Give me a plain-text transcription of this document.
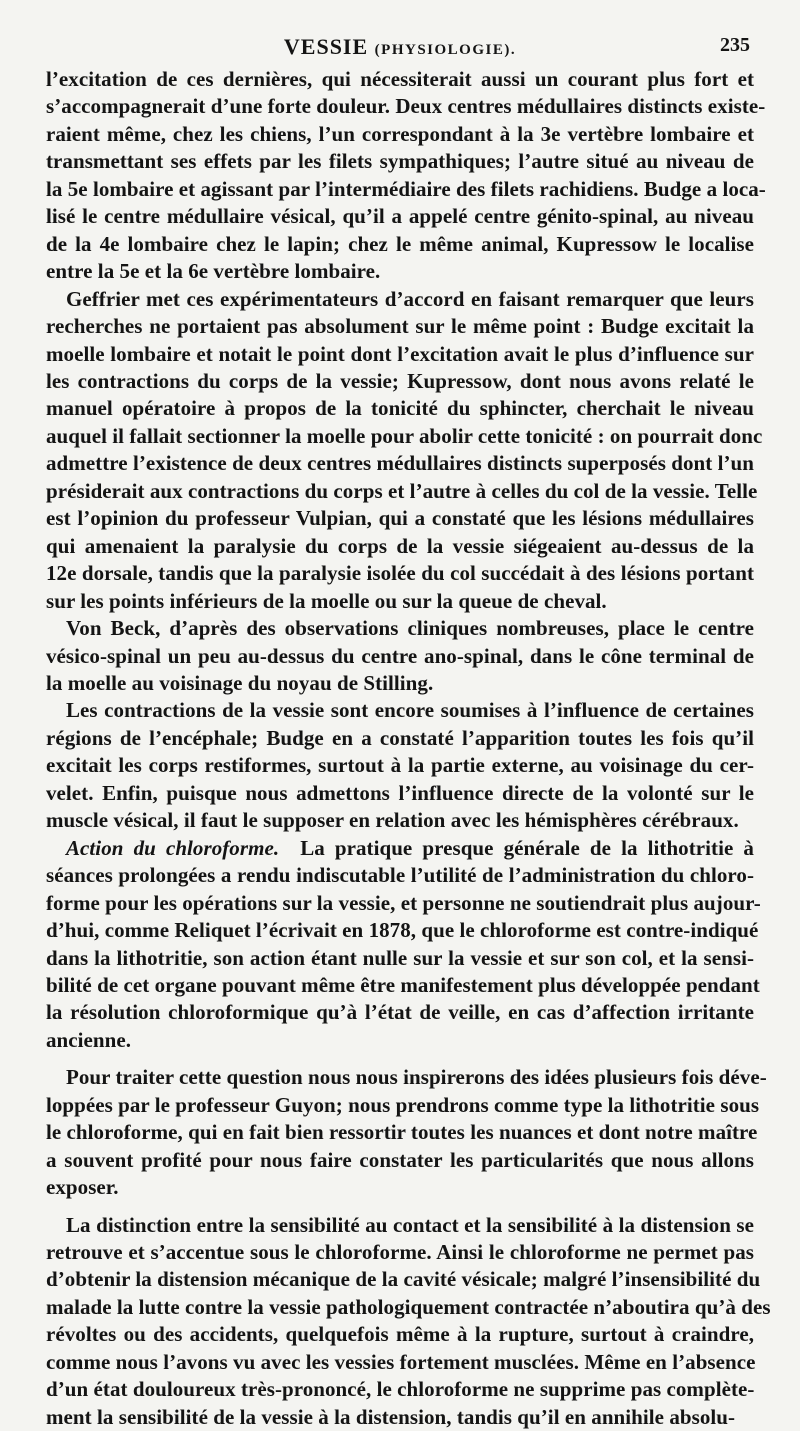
VESSIE (PHYSIOLOGIE).	235
l’excitation de ces dernières, qui nécessiterait aussi un courant plus fort et
s’accompagnerait d’une forte douleur. Deux centres médullaires distincts existe-
raient même, chez les chiens, l’un correspondant à la 3e vertèbre lombaire et
transmettant ses effets par les filets sympathiques; l’autre situé au niveau de
la 5e lombaire et agissant par l’intermédiaire des filets rachidiens. Budge a loca-
lisé le centre médullaire vésical, qu’il a appelé centre génito-spinal, au niveau
de la 4e lombaire chez le lapin; chez le même animal, Kupressow le localise
entre la 5e et la 6e vertèbre lombaire.
Geffrier met ces expérimentateurs d’accord en faisant remarquer que leurs
recherches ne portaient pas absolument sur le même point : Budge excitait la
moelle lombaire et notait le point dont l’excitation avait le plus d’influence sur
les contractions du corps de la vessie; Kupressow, dont nous avons relaté le
manuel opératoire à propos de la tonicité du sphincter, cherchait le niveau
auquel il fallait sectionner la moelle pour abolir cette tonicité : on pourrait donc
admettre l’existence de deux centres médullaires distincts superposés dont l’un
présiderait aux contractions du corps et l’autre à celles du col de la vessie. Telle
est l’opinion du professeur Vulpian, qui a constaté que les lésions médullaires
qui amenaient la paralysie du corps de la vessie siégeaient au-dessus de la
12e dorsale, tandis que la paralysie isolée du col succédait à des lésions portant
sur les points inférieurs de la moelle ou sur la queue de cheval.
Von Beck, d’après des observations cliniques nombreuses, place le centre
vésico-spinal un peu au-dessus du centre ano-spinal, dans le cône terminal de
la moelle au voisinage du noyau de Stilling.
Les contractions de la vessie sont encore soumises à l’influence de certaines
régions de l’encéphale; Budge en a constaté l’apparition toutes les fois qu’il
excitait les corps restiformes, surtout à la partie externe, au voisinage du cer-
velet. Enfin, puisque nous admettons l’influence directe de la volonté sur le
muscle vésical, il faut le supposer en relation avec les hémisphères cérébraux.
Action du chloroforme.  La pratique presque générale de la lithotritie à
séances prolongées a rendu indiscutable l’utilité de l’administration du chloro-
forme pour les opérations sur la vessie, et personne ne soutiendrait plus aujour-
d’hui, comme Reliquet l’écrivait en 1878, que le chloroforme est contre-indiqué
dans la lithotritie, son action étant nulle sur la vessie et sur son col, et la sensi-
bilité de cet organe pouvant même être manifestement plus développée pendant
la résolution chloroformique qu’à l’état de veille, en cas d’affection irritante
ancienne.
Pour traiter cette question nous nous inspirerons des idées plusieurs fois déve-
loppées par le professeur Guyon; nous prendrons comme type la lithotritie sous
le chloroforme, qui en fait bien ressortir toutes les nuances et dont notre maître
a souvent profité pour nous faire constater les particularités que nous allons
exposer.
La distinction entre la sensibilité au contact et la sensibilité à la distension se
retrouve et s’accentue sous le chloroforme. Ainsi le chloroforme ne permet pas
d’obtenir la distension mécanique de la cavité vésicale; malgré l’insensibilité du
malade la lutte contre la vessie pathologiquement contractée n’aboutira qu’à des
révoltes ou des accidents, quelquefois même à la rupture, surtout à craindre,
comme nous l’avons vu avec les vessies fortement musclées. Même en l’absence
d’un état douloureux très-prononcé, le chloroforme ne supprime pas complète-
ment la sensibilité de la vessie à la distension, tandis qu’il en annihile absolu-
